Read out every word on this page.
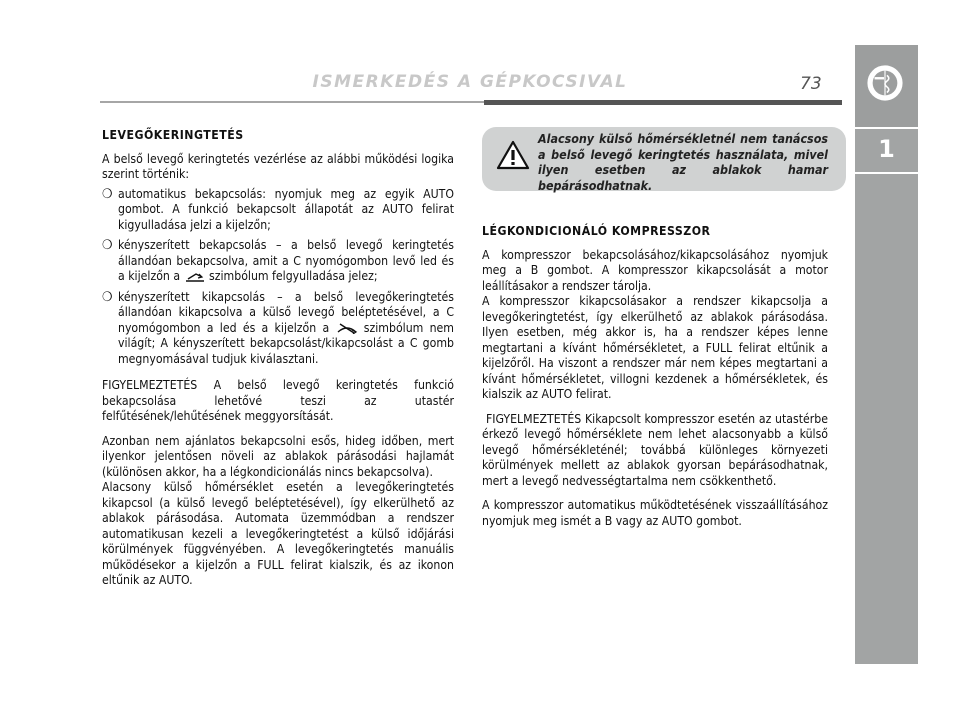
ISMERKEDÉS A GÉPKOCSIVAL	73
1
LEVEGŐKERINGTETÉS

A belső levegő keringtetés vezérlése az alábbi működési logika szerint történik:

❍ automatikus bekapcsolás: nyomjuk meg az egyik AUTO gombot. A funkció bekapcsolt állapotát az AUTO felirat kigyulladása jelzi a kijelzőn;
❍ kényszerített bekapcsolás – a belső levegő keringtetés állandóan bekapcsolva, amit a C nyomógombon levő led és a kijelzőn a szimbólum felgyulladása jelez;
❍ kényszerített kikapcsolás – a belső levegőkeringtetés állandóan kikapcsolva a külső levegő beléptetésével, a C nyomógombon a led és a kijelzőn a	szimbólum nem világít; A kényszerített bekapcsolást/kikapcsolást a C gomb megnyomásával tudjuk kiválasztani.

FIGYELMEZTETÉS A belső levegő keringtetés funkció bekapcsolása lehetővé teszi az utastér felfűtésének/lehűtésének meggyorsítását.

Azonban nem ajánlatos bekapcsolni esős, hideg időben, mert ilyenkor jelentősen növeli az ablakok párásodási hajlamát (különösen akkor, ha a légkondicionálás nincs bekapcsolva).

Alacsony külső hőmérséklet esetén a levegőkeringtetés kikapcsol (a külső levegő beléptetésével), így elkerülhető az ablakok párásodása. Automata üzemmódban a rendszer automatikusan kezeli a levegőkeringtetést a külső időjárási körülmények függvényében. A levegőkeringtetés manuális működésekor a kijelzőn a FULL felirat kialszik, és az ikonon eltűnik az AUTO.

Alacsony külső hőmérsékletnél nem tanácsos a belső levegő keringtetés használata, mivel ilyen esetben az ablakok hamar bepárásodhatnak.
LÉGKONDICIONÁLÓ KOMPRESSZOR

A kompresszor bekapcsolásához/kikapcsolásához nyomjuk meg a B gombot. A kompresszor kikapcsolását a motor leállításakor a rendszer tárolja.

A kompresszor kikapcsolásakor a rendszer kikapcsolja a levegőkeringtetést, így elkerülhető az ablakok párásodása. Ilyen esetben, még akkor is, ha a rendszer képes lenne megtartani a kívánt hőmérsékletet, a FULL felirat eltűnik a kijelzőről. Ha viszont a rendszer már nem képes megtartani a kívánt hőmérsékletet, villogni kezdenek a hőmérsékletek, és kialszik az AUTO felirat.

FIGYELMEZTETÉS Kikapcsolt kompresszor esetén az utastérbe érkező levegő hőmérséklete nem lehet alacsonyabb a külső levegő hőmérsékleténél; továbbá különleges környezeti körülmények mellett az ablakok gyorsan bepárásodhatnak, mert a levegő nedvességtartalma nem csökkenthető.

A kompresszor automatikus működtetésének visszaállításához nyomjuk meg ismét a B vagy az AUTO gombot.
